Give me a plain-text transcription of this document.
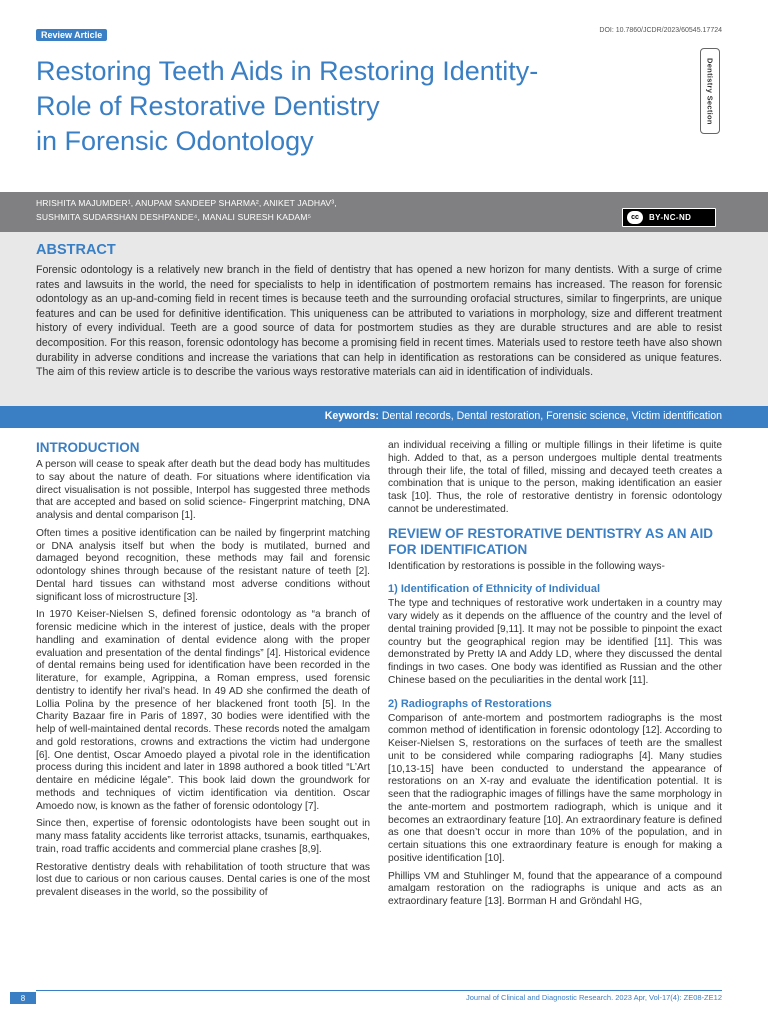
Review Article	DOI: 10.7860/JCDR/2023/60545.17724
Dentistry Section
Restoring Teeth Aids in Restoring Identity-
Role of Restorative Dentistry
in Forensic Odontology
HRISHITA MAJUMDER¹, ANUPAM SANDEEP SHARMA², ANIKET JADHAV³,
SUSHMITA SUDARSHAN DESHPANDE⁴, MANALI SURESH KADAM⁵	cc	BY-NC-ND
ABSTRACT

Forensic odontology is a relatively new branch in the field of dentistry that has opened a new horizon for many dentists. With a surge of crime rates and lawsuits in the world, the need for specialists to help in identification of postmortem remains has increased. The reason for forensic odontology as an up-and-coming field in recent times is because teeth and the surrounding orofacial structures, similar to fingerprints, are unique features and can be used for definitive identification. This uniqueness can be attributed to variations in morphology, size and different treatment history of every individual. Teeth are a good source of data for postmortem studies as they are durable structures and are able to resist decomposition. For this reason, forensic odontology has become a promising field in recent times. Materials used to restore teeth have also shown durability in adverse conditions and increase the variations that can help in identification as restorations can be considered as unique features. The aim of this review article is to describe the various ways restorative materials can aid in identification of individuals.

Keywords: Dental records, Dental restoration, Forensic science, Victim identification
INTRODUCTION

A person will cease to speak after death but the dead body has multitudes to say about the nature of death. For situations where identification via direct visualisation is not possible, Interpol has suggested three methods that are accepted and based on solid science- Fingerprint matching, DNA analysis and dental comparison [1].

Often times a positive identification can be nailed by fingerprint matching or DNA analysis itself but when the body is mutilated, burned and damaged beyond recognition, these methods may fail and forensic odontology shines through because of the resistant nature of teeth [2]. Dental hard tissues can withstand most adverse conditions without significant loss of microstructure [3].

In 1970 Keiser-Nielsen S, defined forensic odontology as “a branch of forensic medicine which in the interest of justice, deals with the proper handling and examination of dental evidence along with the proper evaluation and presentation of the dental findings” [4]. Historical evidence of dental remains being used for identification have been recorded in the literature, for example, Agrippina, a Roman empress, used forensic dentistry to identify her rival’s head. In 49 AD she confirmed the death of Lollia Polina by the presence of her blackened front tooth [5]. In the Charity Bazaar fire in Paris of 1897, 30 bodies were identified with the help of well-maintained dental records. These records noted the amalgam and gold restorations, crowns and extractions the victim had undergone [6]. One dentist, Oscar Amoedo played a pivotal role in the identification process during this incident and later in 1898 authored a book titled “L’Art dentaire en médicine légale”. This book laid down the groundwork for methods and techniques of victim identification via dentition. Oscar Amoedo now, is known as the father of forensic odontology [7].

Since then, expertise of forensic odontologists have been sought out in many mass fatality accidents like terrorist attacks, tsunamis, earthquakes, train, road traffic accidents and commercial plane crashes [8,9].

Restorative dentistry deals with rehabilitation of tooth structure that was lost due to carious or non carious causes. Dental caries is one of the most prevalent diseases in the world, so the possibility of

an individual receiving a filling or multiple fillings in their lifetime is quite high. Added to that, as a person undergoes multiple dental treatments through their life, the total of filled, missing and decayed teeth creates a combination that is unique to the person, making identification an easier task [10]. Thus, the role of restorative dentistry in forensic odontology cannot be underestimated.

REVIEW OF RESTORATIVE DENTISTRY AS AN AID FOR IDENTIFICATION

Identification by restorations is possible in the following ways-

1) Identification of Ethnicity of Individual

The type and techniques of restorative work undertaken in a country may vary widely as it depends on the affluence of the country and the level of dental training provided [9,11]. It may not be possible to pinpoint the exact country but the geographical region may be identified [11]. This was demonstrated by Pretty IA and Addy LD, where they discussed the dental findings in two cases. One body was identified as Russian and the other Chinese based on the peculiarities in the dental work [11].

2) Radiographs of Restorations

Comparison of ante-mortem and postmortem radiographs is the most common method of identification in forensic odontology [12]. According to Keiser-Nielsen S, restorations on the surfaces of teeth are the smallest unit to be considered while comparing radiographs [4]. Many studies [10,13-15] have been conducted to understand the appearance of restorations on an X-ray and evaluate the identification potential. It is seen that the radiographic images of fillings have the same morphology in the ante-mortem and postmortem radiograph, which is unique and it becomes an extraordinary feature [10]. An extraordinary feature is defined as one that doesn’t occur in more than 10% of the population, and in certain situations this one extraordinary feature is enough for making a positive identification [10].

Phillips VM and Stuhlinger M, found that the appearance of a compound amalgam restoration on the radiographs is unique and acts as an extraordinary feature [13]. Borrman H and Gröndahl HG,

8	Journal of Clinical and Diagnostic Research. 2023 Apr, Vol-17(4): ZE08-ZE12
